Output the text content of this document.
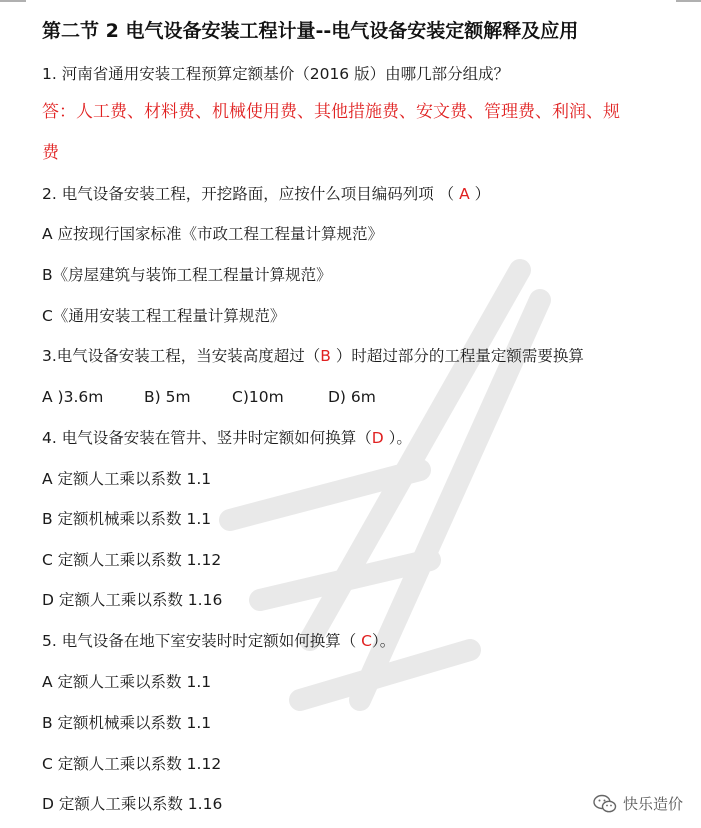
第二节 2 电气设备安装工程计量--电气设备安装定额解释及应用
1. 河南省通用安装工程预算定额基价（2016 版）由哪几部分组成？
答：人工费、材料费、机械使用费、其他措施费、安文费、管理费、利润、规
费
2. 电气设备安装工程，开挖路面，应按什么项目编码列项 （ A ）
A 应按现行国家标准《市政工程工程量计算规范》
B《房屋建筑与装饰工程工程量计算规范》
C《通用安装工程工程量计算规范》
3.电气设备安装工程，当安装高度超过（B ）时超过部分的工程量定额需要换算
A )3.6m	B) 5m	C)10m	D) 6m
4. 电气设备安装在管井、竖井时定额如何换算（D ）。
A 定额人工乘以系数 1.1
B 定额机械乘以系数 1.1
C 定额人工乘以系数 1.12
D 定额人工乘以系数 1.16
5. 电气设备在地下室安装时时定额如何换算（ C）。
A 定额人工乘以系数 1.1
B 定额机械乘以系数 1.1
C 定额人工乘以系数 1.12
D 定额人工乘以系数 1.16	快乐造价
